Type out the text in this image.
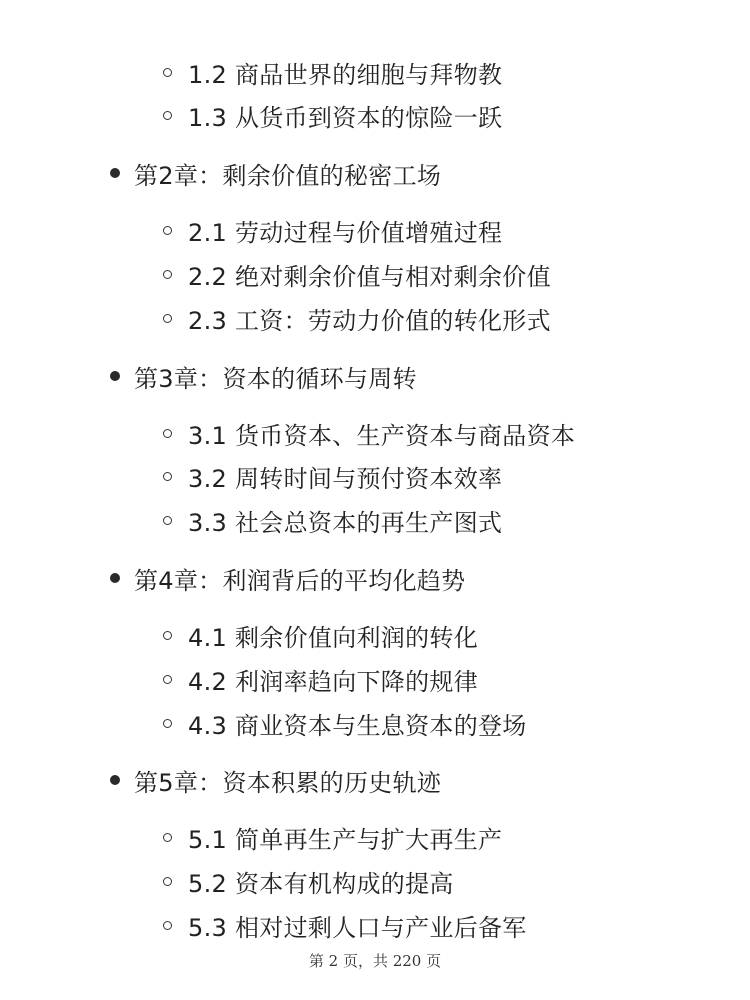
1.2 商品世界的细胞与拜物教
1.3 从货币到资本的惊险一跃
第2章：剩余价值的秘密工场
2.1 劳动过程与价值增殖过程
2.2 绝对剩余价值与相对剩余价值
2.3 工资：劳动力价值的转化形式
第3章：资本的循环与周转
3.1 货币资本、生产资本与商品资本
3.2 周转时间与预付资本效率
3.3 社会总资本的再生产图式
第4章：利润背后的平均化趋势
4.1 剩余价值向利润的转化
4.2 利润率趋向下降的规律
4.3 商业资本与生息资本的登场
第5章：资本积累的历史轨迹
5.1 简单再生产与扩大再生产
5.2 资本有机构成的提高
5.3 相对过剩人口与产业后备军
第 2 页，共 220 页
